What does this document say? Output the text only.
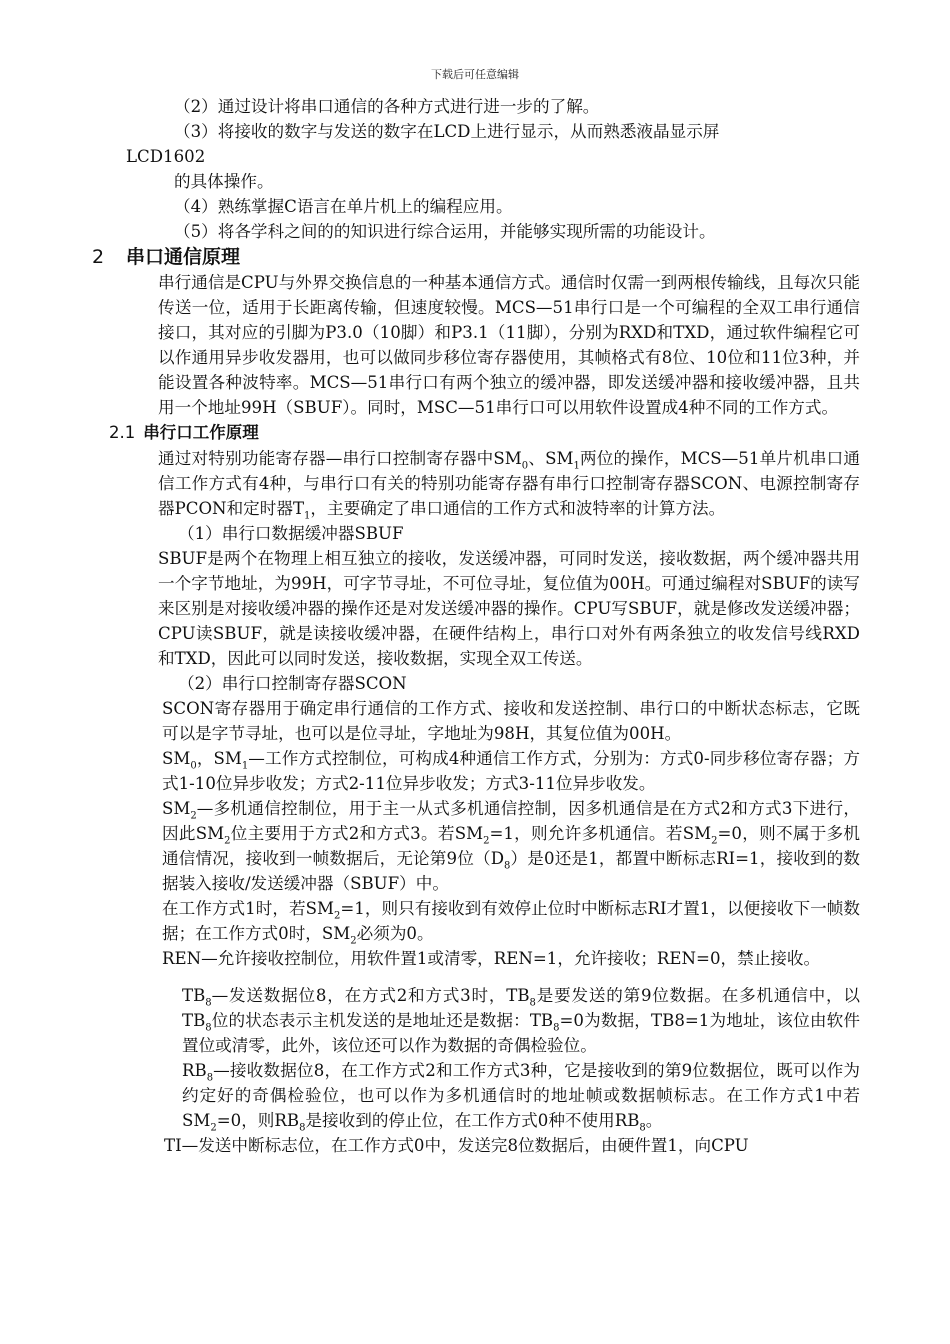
下载后可任意编辑

（2）通过设计将串口通信的各种方式进行进一步的了解。

（3）将接收的数字与发送的数字在LCD上进行显示，从而熟悉液晶显示屏

LCD1602

的具体操作。

（4）熟练掌握C语言在单片机上的编程应用。

（5）将各学科之间的的知识进行综合运用，并能够实现所需的功能设计。

2 串口通信原理

串行通信是CPU与外界交换信息的一种基本通信方式。通信时仅需一到两根传输线，且每次只能传送一位，适用于长距离传输，但速度较慢。MCS—51串行口是一个可编程的全双工串行通信接口，其对应的引脚为P3.0（10脚）和P3.1（11脚），分别为RXD和TXD，通过软件编程它可以作通用异步收发器用，也可以做同步移位寄存器使用，其帧格式有8位、10位和11位3种，并能设置各种波特率。MCS—51串行口有两个独立的缓冲器，即发送缓冲器和接收缓冲器，且共用一个地址99H（SBUF）。同时，MSC—51串行口可以用软件设置成4种不同的工作方式。

2.1 串行口工作原理

通过对特别功能寄存器—串行口控制寄存器中$SM_0$、$SM_1$两位的操作，MCS—51单片机串口通信工作方式有4种，与串行口有关的特别功能寄存器有串行口控制寄存器SCON、电源控制寄存器PCON和定时器$T_1$，主要确定了串口通信的工作方式和波特率的计算方法。

（1）串行口数据缓冲器SBUF

SBUF是两个在物理上相互独立的接收，发送缓冲器，可同时发送，接收数据，两个缓冲器共用一个字节地址，为99H，可字节寻址，不可位寻址，复位值为00H。可通过编程对SBUF的读写来区别是对接收缓冲器的操作还是对发送缓冲器的操作。CPU写SBUF，就是修改发送缓冲器； CPU读SBUF，就是读接收缓冲器，在硬件结构上，串行口对外有两条独立的收发信号线RXD和TXD，因此可以同时发送，接收数据，实现全双工传送。

（2）串行口控制寄存器SCON

SCON寄存器用于确定串行通信的工作方式、接收和发送控制、串行口的中断状态标志，它既可以是字节寻址，也可以是位寻址，字地址为98H，其复位值为00H。

$SM_0$，$SM_1—$工作方式控制位，可构成4种通信工作方式，分别为：方式0-同步移位寄存器；方式1-10位异步收发；方式2-11位异步收发；方式3-11位异步收发。

$SM_2—$多机通信控制位，用于主一从式多机通信控制，因多机通信是在方式2和方式3下进行，因此$SM_2$位主要用于方式2和方式3。若$SM_2=1$，则允许多机通信。若$SM_2=0$，则不属于多机通信情况，接收到一帧数据后，无论第9位$(D_8)$是0还是1，都置中断标志RI=1，接收到的数据装入接收/发送缓冲器（SBUF）中。

在工作方式1时，若$SM_2=1$，则只有接收到有效停止位时中断标志RI才置1，以便接收下一帧数据；在工作方式0时，$SM_2$必须为0。

REN—允许接收控制位，用软件置1或清零，REN=1，允许接收；REN=0，禁止接收。

$TB_8—$发送数据位8，在方式2和方式3时，$TB_8$是要发送的第9位数据。在多机通信中，以$TB_8$位的状态表示主机发送的是地址还是数据：$TB_8=0$为数据，TB8=1为地址，该位由软件置位或清零，此外，该位还可以作为数据的奇偶检验位。

$RB_8—$接收数据位8，在工作方式2和工作方式3种，它是接收到的第9位数据位，既可以作为约定好的奇偶检验位，也可以作为多机通信时的地址帧或数据帧标志。在工作方式1中若$SM_2=0$，则$RB_8$是接收到的停止位，在工作方式0种不使用$RB_8$。

TI—发送中断标志位，在工作方式0中，发送完8位数据后，由硬件置1，向CPU
